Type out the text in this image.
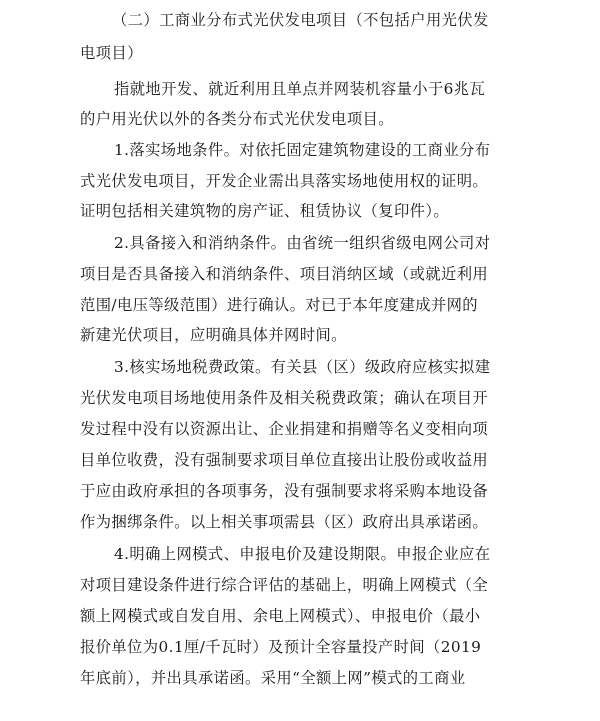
（二）工商业分布式光伏发电项目（不包括户用光伏发
电项目）
指就地开发、就近利用且单点并网装机容量小于6兆瓦
的户用光伏以外的各类分布式光伏发电项目。
1.落实场地条件。对依托固定建筑物建设的工商业分布
式光伏发电项目，开发企业需出具落实场地使用权的证明。
证明包括相关建筑物的房产证、租赁协议（复印件）。
2.具备接入和消纳条件。由省统一组织省级电网公司对
项目是否具备接入和消纳条件、项目消纳区域（或就近利用
范围/电压等级范围）进行确认。对已于本年度建成并网的
新建光伏项目，应明确具体并网时间。
3.核实场地税费政策。有关县（区）级政府应核实拟建
光伏发电项目场地使用条件及相关税费政策；确认在项目开
发过程中没有以资源出让、企业捐建和捐赠等名义变相向项
目单位收费，没有强制要求项目单位直接出让股份或收益用
于应由政府承担的各项事务，没有强制要求将采购本地设备
作为捆绑条件。以上相关事项需县（区）政府出具承诺函。
4.明确上网模式、申报电价及建设期限。申报企业应在
对项目建设条件进行综合评估的基础上，明确上网模式（全
额上网模式或自发自用、余电上网模式）、申报电价（最小
报价单位为0.1厘/千瓦时）及预计全容量投产时间（2019
年底前），并出具承诺函。采用“全额上网”模式的工商业
